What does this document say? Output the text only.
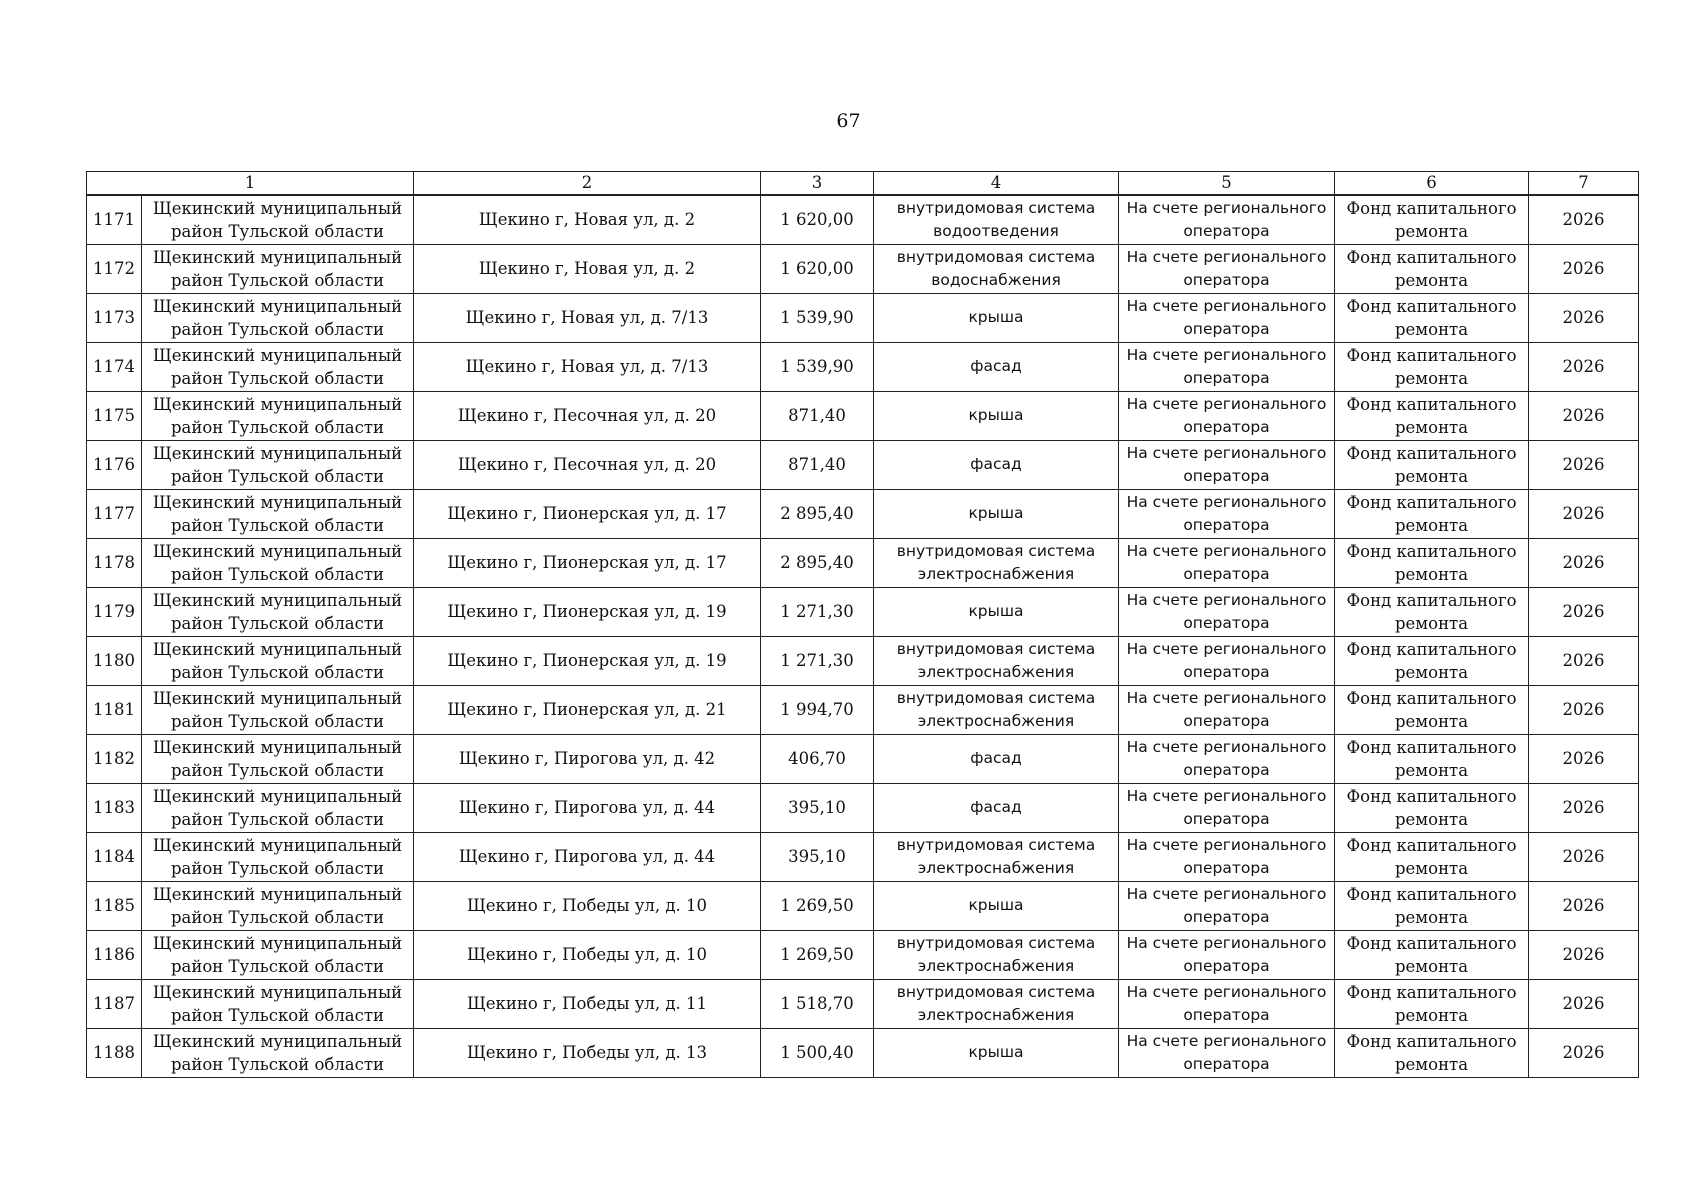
67
1		2	3	4	5	6	7
1171	Щекинский муниципальный
район Тульской области	Щекино г, Новая ул, д. 2	1 620,00	внутридомовая система
водоотведения	На счете регионального
оператора	Фонд капитального
ремонта	2026
1172	Щекинский муниципальный
район Тульской области	Щекино г, Новая ул, д. 2	1 620,00	внутридомовая система
водоснабжения	На счете регионального
оператора	Фонд капитального
ремонта	2026
1173	Щекинский муниципальный
район Тульской области	Щекино г, Новая ул, д. 7/13	1 539,90	крыша	На счете регионального
оператора	Фонд капитального
ремонта	2026
1174	Щекинский муниципальный
район Тульской области	Щекино г, Новая ул, д. 7/13	1 539,90	фасад	На счете регионального
оператора	Фонд капитального
ремонта	2026
1175	Щекинский муниципальный
район Тульской области	Щекино г, Песочная ул, д. 20	871,40	крыша	На счете регионального
оператора	Фонд капитального
ремонта	2026
1176	Щекинский муниципальный
район Тульской области	Щекино г, Песочная ул, д. 20	871,40	фасад	На счете регионального
оператора	Фонд капитального
ремонта	2026
1177	Щекинский муниципальный
район Тульской области	Щекино г, Пионерская ул, д. 17	2 895,40	крыша	На счете регионального
оператора	Фонд капитального
ремонта	2026
1178	Щекинский муниципальный
район Тульской области	Щекино г, Пионерская ул, д. 17	2 895,40	внутридомовая система
электроснабжения	На счете регионального
оператора	Фонд капитального
ремонта	2026
1179	Щекинский муниципальный
район Тульской области	Щекино г, Пионерская ул, д. 19	1 271,30	крыша	На счете регионального
оператора	Фонд капитального
ремонта	2026
1180	Щекинский муниципальный
район Тульской области	Щекино г, Пионерская ул, д. 19	1 271,30	внутридомовая система
электроснабжения	На счете регионального
оператора	Фонд капитального
ремонта	2026
1181	Щекинский муниципальный
район Тульской области	Щекино г, Пионерская ул, д. 21	1 994,70	внутридомовая система
электроснабжения	На счете регионального
оператора	Фонд капитального
ремонта	2026
1182	Щекинский муниципальный
район Тульской области	Щекино г, Пирогова ул, д. 42	406,70	фасад	На счете регионального
оператора	Фонд капитального
ремонта	2026
1183	Щекинский муниципальный
район Тульской области	Щекино г, Пирогова ул, д. 44	395,10	фасад	На счете регионального
оператора	Фонд капитального
ремонта	2026
1184	Щекинский муниципальный
район Тульской области	Щекино г, Пирогова ул, д. 44	395,10	внутридомовая система
электроснабжения	На счете регионального
оператора	Фонд капитального
ремонта	2026
1185	Щекинский муниципальный
район Тульской области	Щекино г, Победы ул, д. 10	1 269,50	крыша	На счете регионального
оператора	Фонд капитального
ремонта	2026
1186	Щекинский муниципальный
район Тульской области	Щекино г, Победы ул, д. 10	1 269,50	внутридомовая система
электроснабжения	На счете регионального
оператора	Фонд капитального
ремонта	2026
1187	Щекинский муниципальный
район Тульской области	Щекино г, Победы ул, д. 11	1 518,70	внутридомовая система
электроснабжения	На счете регионального
оператора	Фонд капитального
ремонта	2026
1188	Щекинский муниципальный
район Тульской области	Щекино г, Победы ул, д. 13	1 500,40	крыша	На счете регионального
оператора	Фонд капитального
ремонта	2026
